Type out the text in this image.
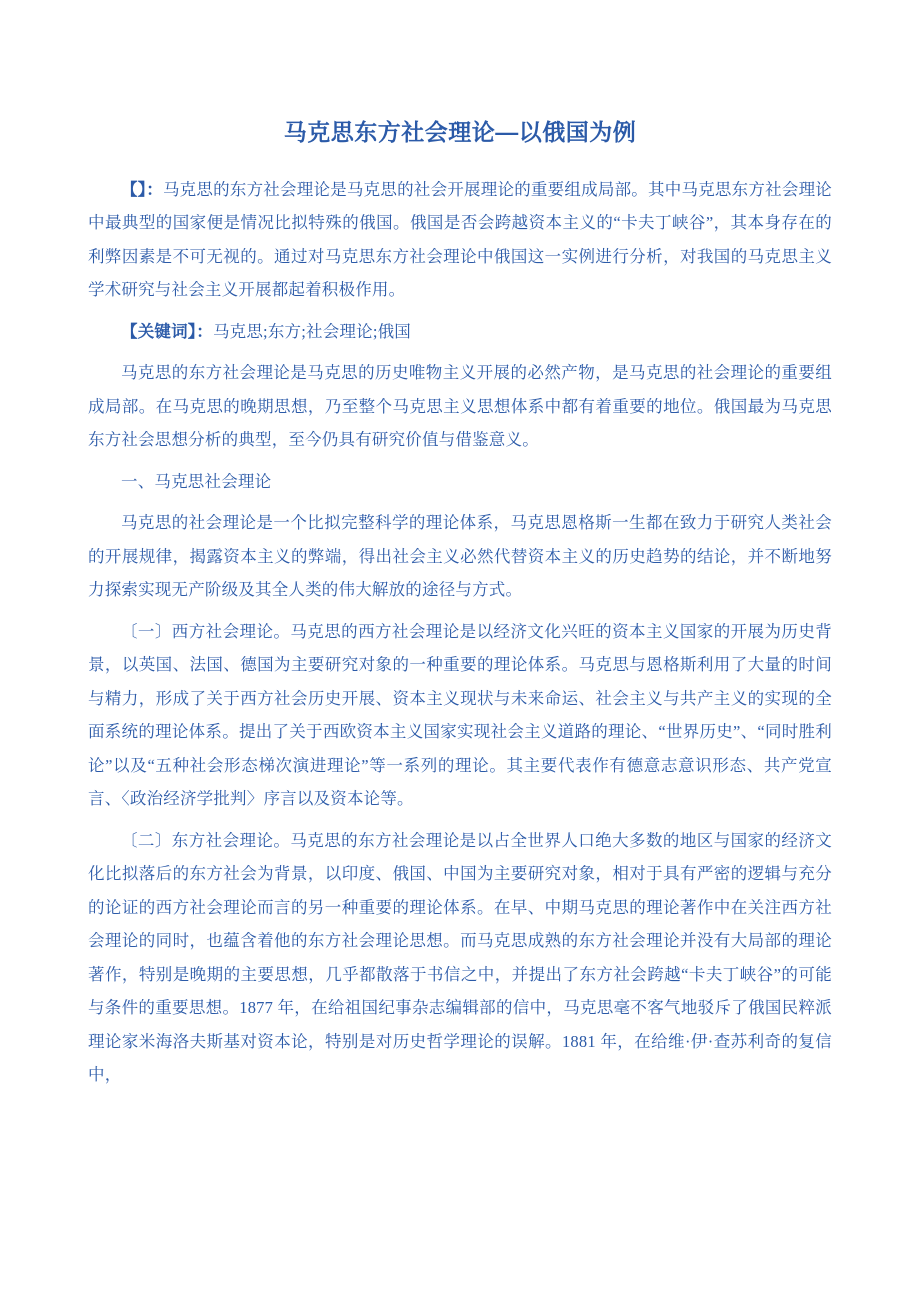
马克思东方社会理论—以俄国为例

【】：马克思的东方社会理论是马克思的社会开展理论的重要组成局部。其中马克思东方社会理论中最典型的国家便是情况比拟特殊的俄国。俄国是否会跨越资本主义的“卡夫丁峡谷”，其本身存在的利弊因素是不可无视的。通过对马克思东方社会理论中俄国这一实例进行分析，对我国的马克思主义学术研究与社会主义开展都起着积极作用。

【关键词】：马克思;东方;社会理论;俄国

马克思的东方社会理论是马克思的历史唯物主义开展的必然产物，是马克思的社会理论的重要组成局部。在马克思的晚期思想，乃至整个马克思主义思想体系中都有着重要的地位。俄国最为马克思东方社会思想分析的典型，至今仍具有研究价值与借鉴意义。

一、马克思社会理论

马克思的社会理论是一个比拟完整科学的理论体系，马克思恩格斯一生都在致力于研究人类社会的开展规律，揭露资本主义的弊端，得出社会主义必然代替资本主义的历史趋势的结论，并不断地努力探索实现无产阶级及其全人类的伟大解放的途径与方式。

〔一〕西方社会理论。马克思的西方社会理论是以经济文化兴旺的资本主义国家的开展为历史背景，以英国、法国、德国为主要研究对象的一种重要的理论体系。马克思与恩格斯利用了大量的时间与精力，形成了关于西方社会历史开展、资本主义现状与未来命运、社会主义与共产主义的实现的全面系统的理论体系。提出了关于西欧资本主义国家实现社会主义道路的理论、“世界历史”、“同时胜利论”以及“五种社会形态梯次演进理论”等一系列的理论。其主要代表作有德意志意识形态、共产党宣言、〈政治经济学批判〉序言以及资本论等。

〔二〕东方社会理论。马克思的东方社会理论是以占全世界人口绝大多数的地区与国家的经济文化比拟落后的东方社会为背景，以印度、俄国、中国为主要研究对象，相对于具有严密的逻辑与充分的论证的西方社会理论而言的另一种重要的理论体系。在早、中期马克思的理论著作中在关注西方社会理论的同时，也蕴含着他的东方社会理论思想。而马克思成熟的东方社会理论并没有大局部的理论著作，特别是晚期的主要思想，几乎都散落于书信之中，并提出了东方社会跨越“卡夫丁峡谷”的可能与条件的重要思想。1877 年，在给祖国纪事杂志编辑部的信中，马克思毫不客气地驳斥了俄国民粹派理论家米海洛夫斯基对资本论，特别是对历史哲学理论的误解。1881 年，在给维·伊·查苏利奇的复信中，
